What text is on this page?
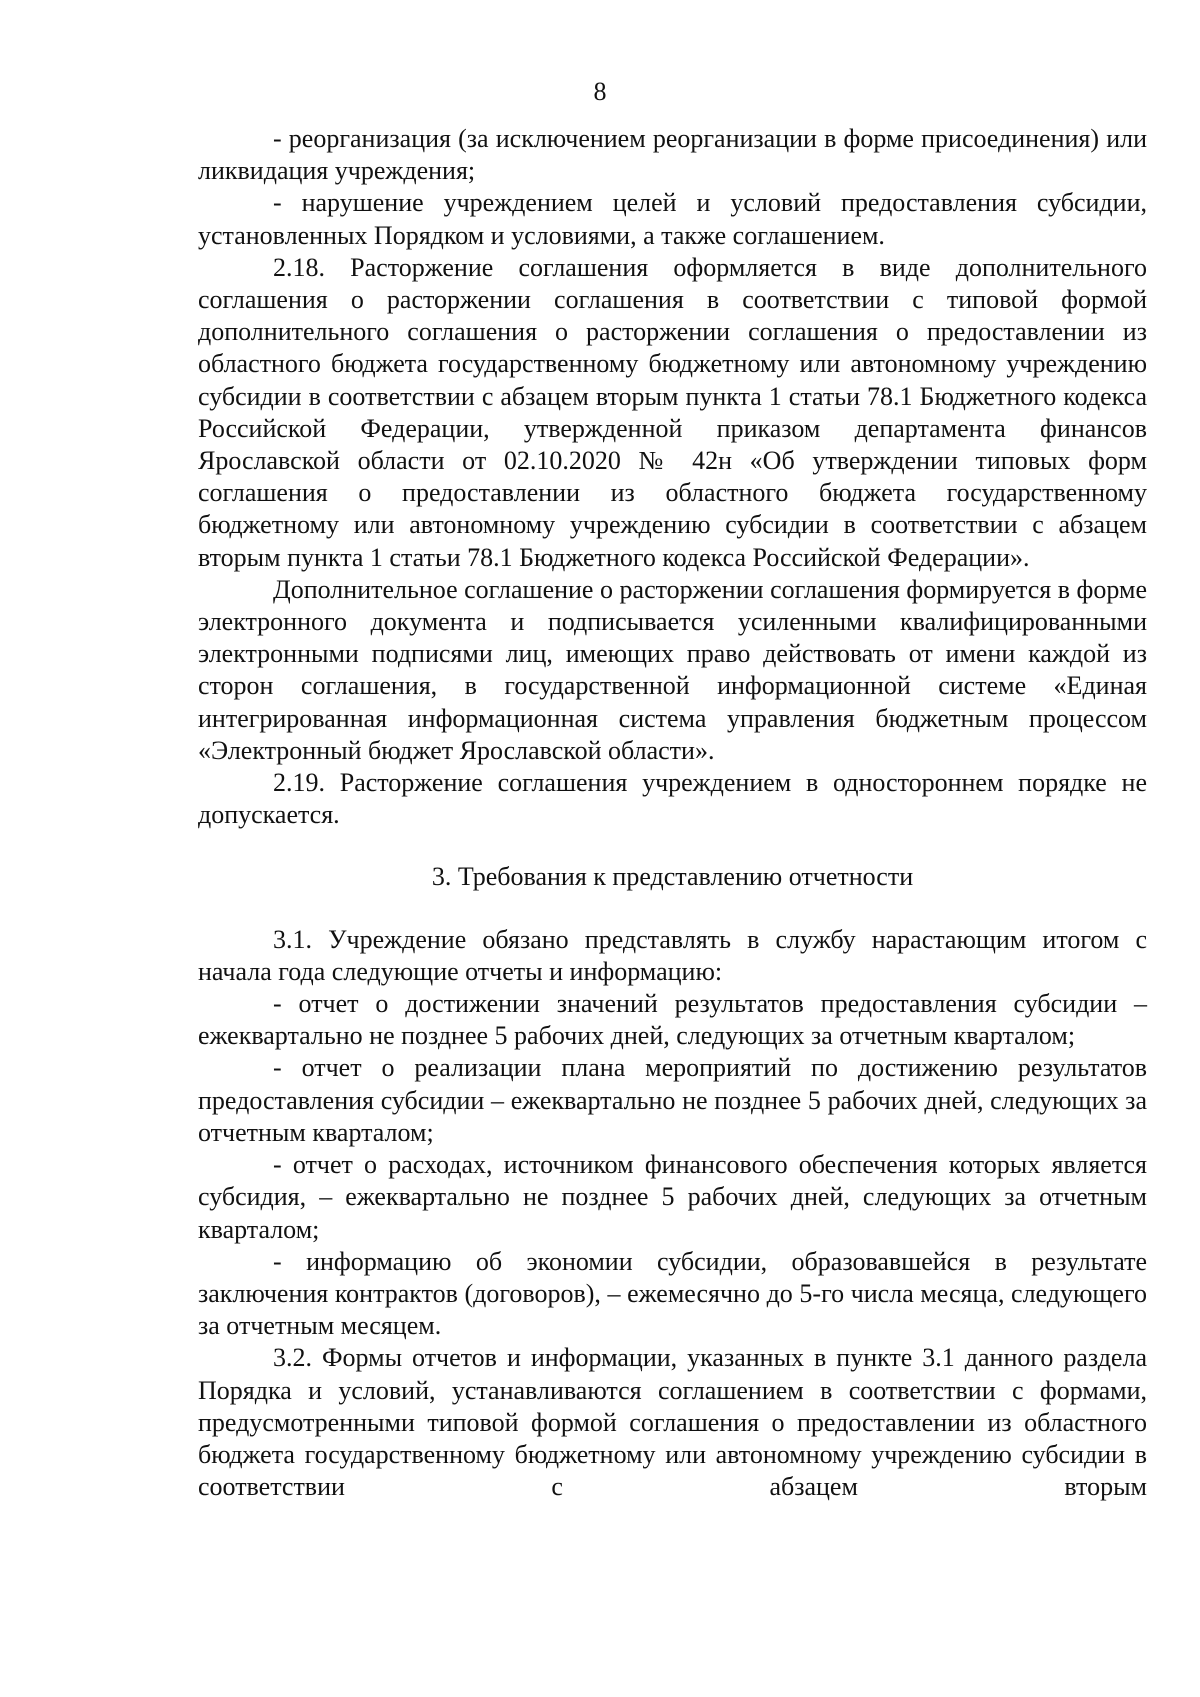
8

- реорганизация (за исключением реорганизации в форме присоединения) или ликвидация учреждения;

- нарушение учреждением целей и условий предоставления субсидии, установленных Порядком и условиями, а также соглашением.

2.18. Расторжение соглашения оформляется в виде дополнительного соглашения о расторжении соглашения в соответствии с типовой формой дополнительного соглашения о расторжении соглашения о предоставлении из областного бюджета государственному бюджетному или автономному учреждению субсидии в соответствии с абзацем вторым пункта 1 статьи 78.1 Бюджетного кодекса Российской Федерации, утвержденной приказом департамента финансов Ярославской области от 02.10.2020 № 42н «Об утверждении типовых форм соглашения о предоставлении из областного бюджета государственному бюджетному или автономному учреждению субсидии в соответствии с абзацем вторым пункта 1 статьи 78.1 Бюджетного кодекса Российской Федерации».

Дополнительное соглашение о расторжении соглашения формируется в форме электронного документа и подписывается усиленными квалифицированными электронными подписями лиц, имеющих право действовать от имени каждой из сторон соглашения, в государственной информационной системе «Единая интегрированная информационная система управления бюджетным процессом «Электронный бюджет Ярославской области».

2.19. Расторжение соглашения учреждением в одностороннем порядке не допускается.

3. Требования к представлению отчетности

3.1. Учреждение обязано представлять в службу нарастающим итогом с начала года следующие отчеты и информацию:

- отчет о достижении значений результатов предоставления субсидии – ежеквартально не позднее 5 рабочих дней, следующих за отчетным кварталом;

- отчет о реализации плана мероприятий по достижению результатов предоставления субсидии – ежеквартально не позднее 5 рабочих дней, следующих за отчетным кварталом;

- отчет о расходах, источником финансового обеспечения которых является субсидия, – ежеквартально не позднее 5 рабочих дней, следующих за отчетным кварталом;

- информацию об экономии субсидии, образовавшейся в результате заключения контрактов (договоров), – ежемесячно до 5-го числа месяца, следующего за отчетным месяцем.

3.2. Формы отчетов и информации, указанных в пункте 3.1 данного раздела Порядка и условий, устанавливаются соглашением в соответствии с формами, предусмотренными типовой формой соглашения о предоставлении из областного бюджета государственному бюджетному или автономному учреждению субсидии в соответствии с абзацем вторым
